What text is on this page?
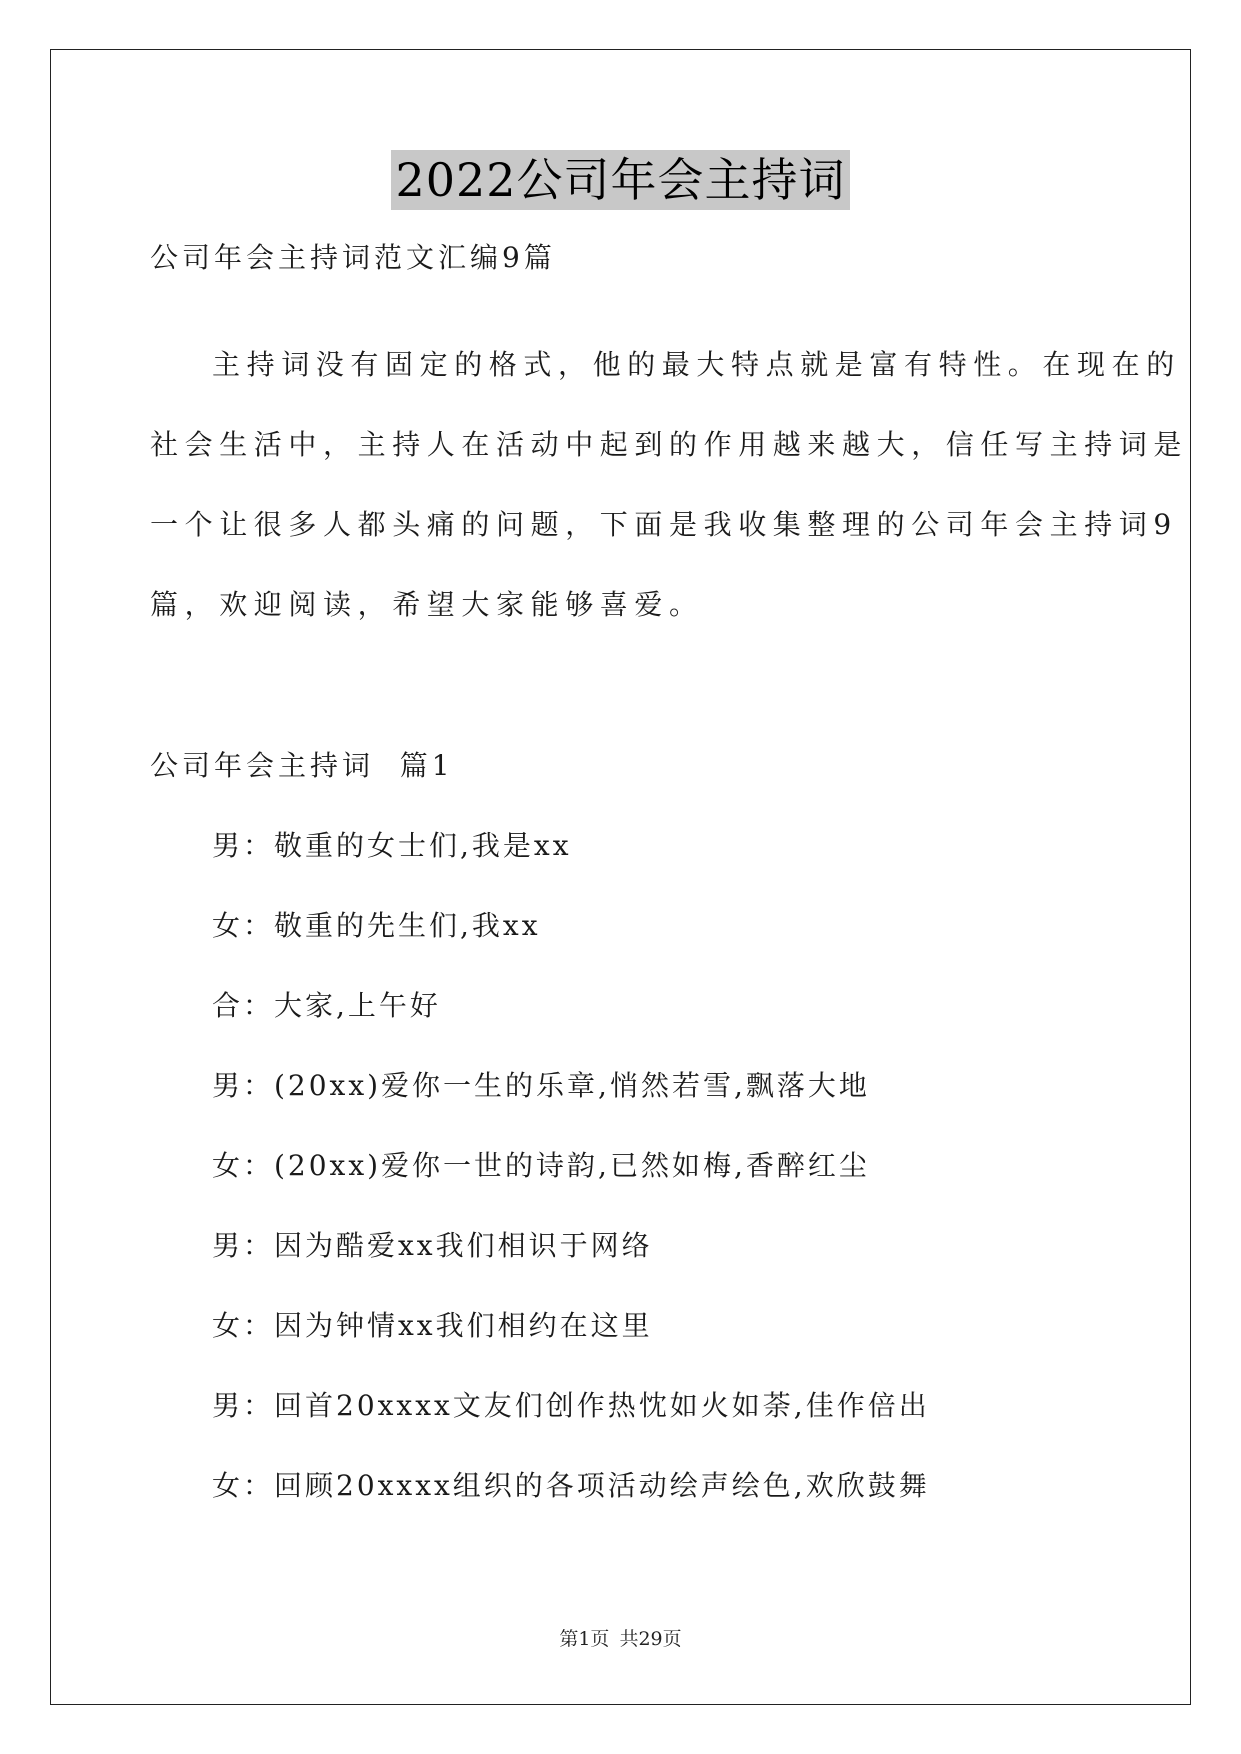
2022公司年会主持词
公司年会主持词范文汇编9篇
主持词没有固定的格式，他的最大特点就是富有特性。在现在的
社会生活中，主持人在活动中起到的作用越来越大，信任写主持词是
一个让很多人都头痛的问题，下面是我收集整理的公司年会主持词9
篇，欢迎阅读，希望大家能够喜爱。
公司年会主持词  篇1
男：敬重的女士们,我是xx
女：敬重的先生们,我xx
合：大家,上午好
男：(20xx)爱你一生的乐章,悄然若雪,飘落大地
女：(20xx)爱你一世的诗韵,已然如梅,香醉红尘
男：因为酷爱xx我们相识于网络
女：因为钟情xx我们相约在这里
男：回首20xxxx文友们创作热忱如火如荼,佳作倍出
女：回顾20xxxx组织的各项活动绘声绘色,欢欣鼓舞
第1页 共29页
